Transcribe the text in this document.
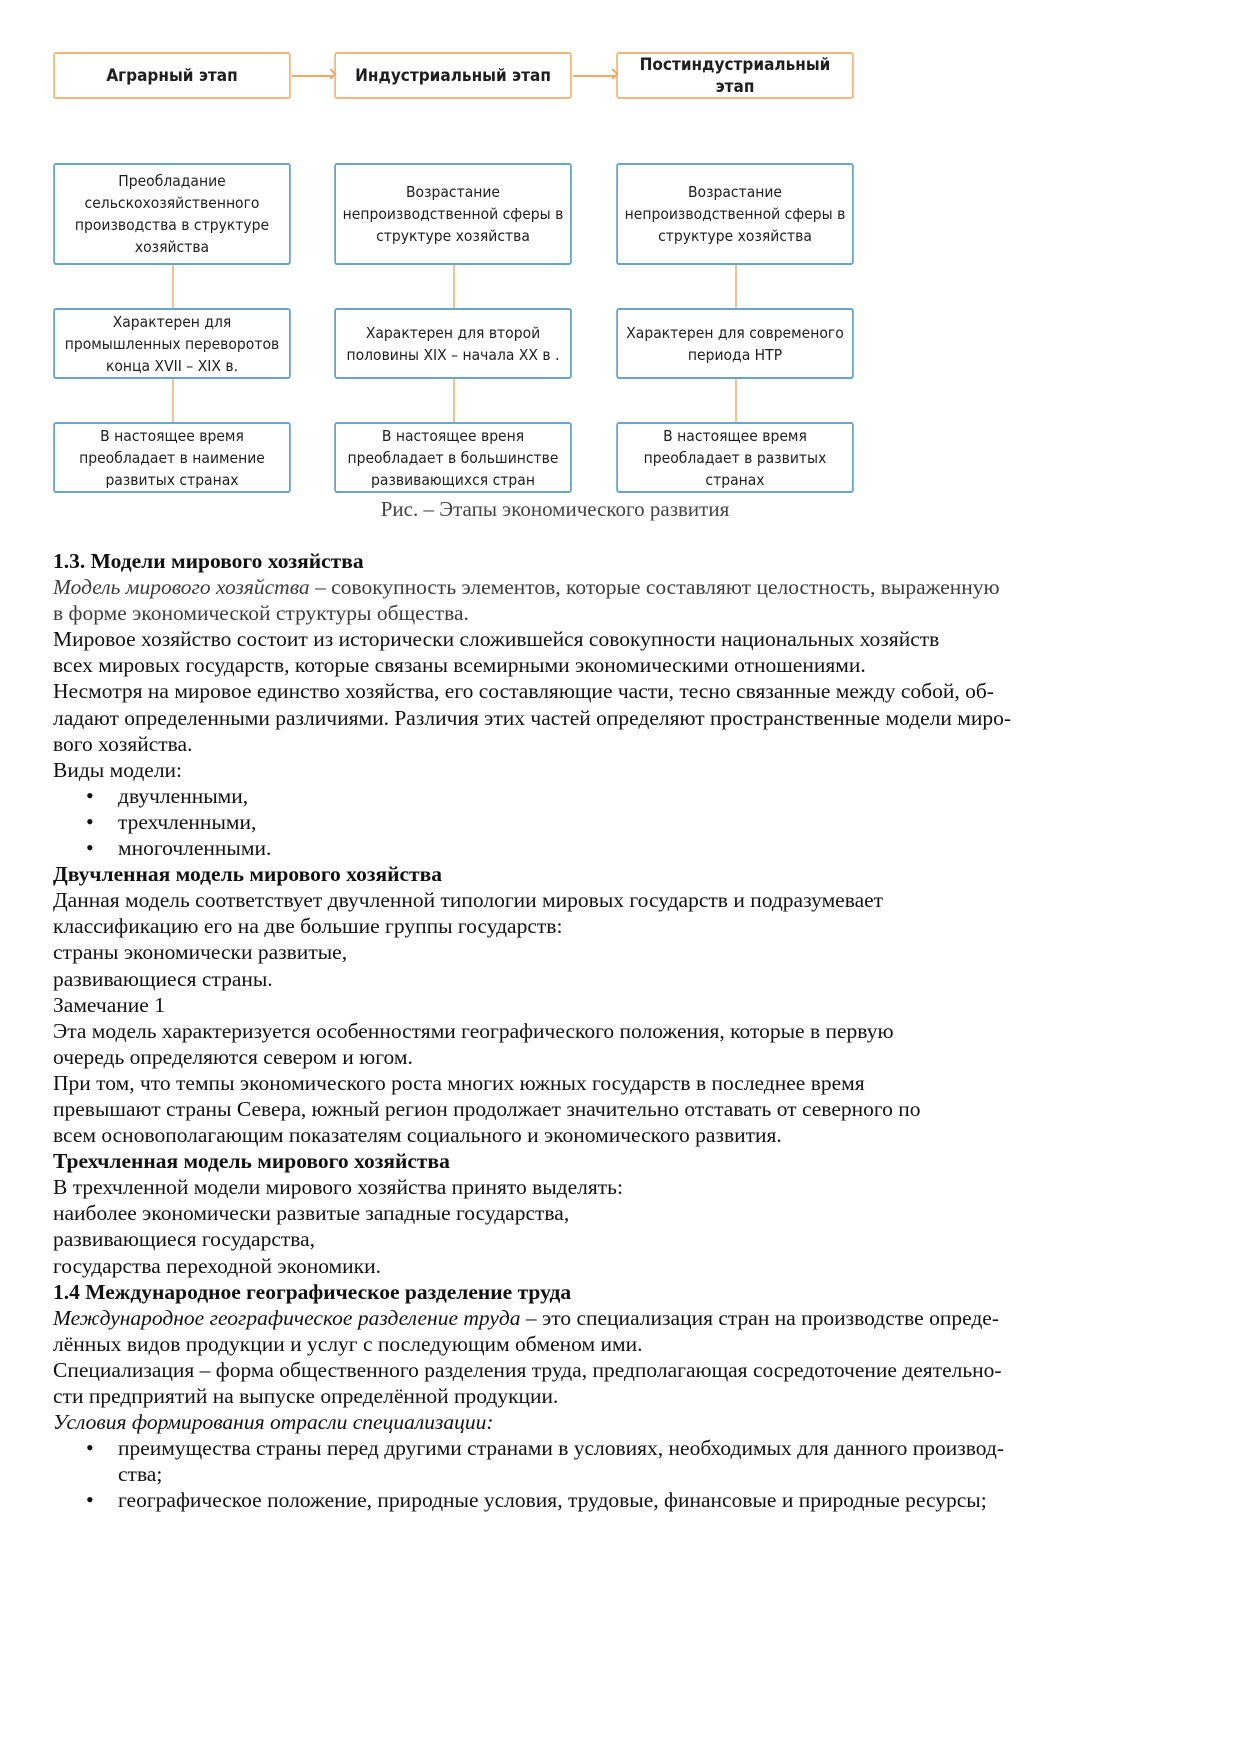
Аграрный этап	Индустриальный этап
Постиндустриальный этап
Преобладание сельскохозяйственного производства в структуре хозяйства
Характерен для промышленных переворотов конца XVII – XIX в.
В настоящее время преобладает в наимение развитых странах
Возрастание непроизводственной сферы в структуре хозяйства
Характерен для второй половины XIX – начала XX в .
В настоящее вреня преобладает в большинстве развивающихся стран
Возрастание непроизводственной сферы в структуре хозяйства
Характерен для современого периода НТР
В настоящее время преобладает в развитых странах
Рис. – Этапы экономического развития
1.3. Модели мирового хозяйства

Модель мирового хозяйства – совокупность элементов, которые составляют целостность, выраженную

в форме экономической структуры общества.

Мировое хозяйство состоит из исторически сложившейся совокупности национальных хозяйств

всех мировых государств, которые связаны всемирными экономическими отношениями.

Несмотря на мировое единство хозяйства, его составляющие части, тесно связанные между собой, об-

ладают определенными различиями. Различия этих частей определяют пространственные модели миро-

вого хозяйства.

Виды модели:

• двучленными,
• трехчленными,
• многочленными.
Двучленная модель мирового хозяйства

Данная модель соответствует двучленной типологии мировых государств и подразумевает

классификацию его на две большие группы государств:

страны экономически развитые,

развивающиеся страны.

Замечание 1

Эта модель характеризуется особенностями географического положения, которые в первую

очередь определяются севером и югом.

При том, что темпы экономического роста многих южных государств в последнее время

превышают страны Севера, южный регион продолжает значительно отставать от северного по

всем основополагающим показателям социального и экономического развития.

Трехчленная модель мирового хозяйства

В трехчленной модели мирового хозяйства принято выделять:

наиболее экономически развитые западные государства,

развивающиеся государства,

государства переходной экономики.

1.4 Международное географическое разделение труда

Международное географическое разделение труда – это специализация стран на производстве опреде-

лённых видов продукции и услуг с последующим обменом ими.

Специализация – форма общественного разделения труда, предполагающая сосредоточение деятельно-

сти предприятий на выпуске определённой продукции.

Условия формирования отрасли специализации:

• преимущества страны перед другими странами в условиях, необходимых для данного производ-
ства;
• географическое положение, природные условия, трудовые, финансовые и природные ресурсы;
